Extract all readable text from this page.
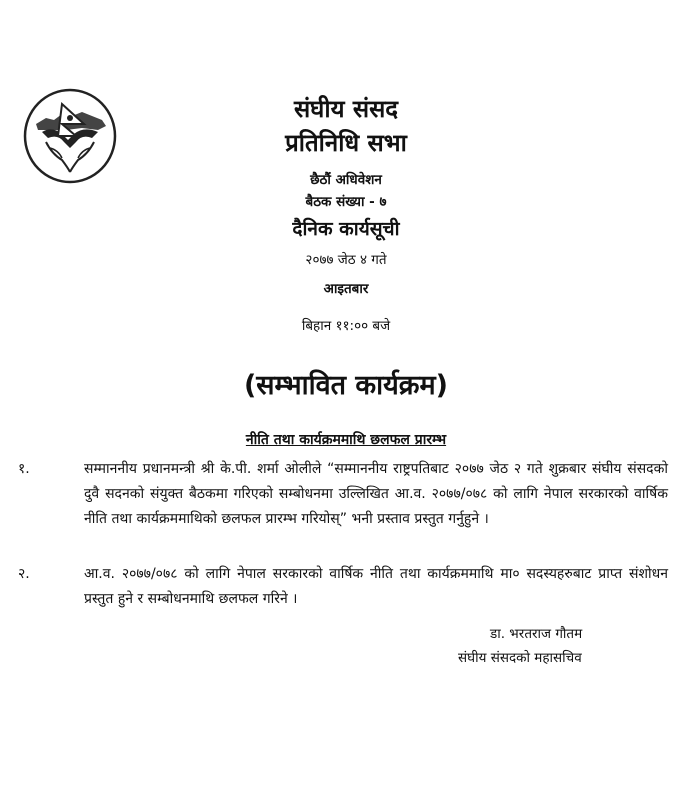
संघीय संसद
प्रतिनिधि सभा
छैठौं अधिवेशन
बैठक संख्या - ७
दैनिक कार्यसूची
२०७७ जेठ ४ गते
आइतबार
बिहान ११:०० बजे
(सम्भावित कार्यक्रम)
नीति तथा कार्यक्रममाथि छलफल प्रारम्भ
१.	सम्माननीय प्रधानमन्त्री श्री के.पी. शर्मा ओलीले “सम्माननीय राष्ट्रपतिबाट २०७७ जेठ २ गते शुक्रबार संघीय संसदको दुवै सदनको संयुक्त बैठकमा गरिएको सम्बोधनमा उल्लिखित आ.व. २०७७/०७८ को लागि नेपाल सरकारको वार्षिक नीति तथा कार्यक्रममाथिको छलफल प्रारम्भ गरियोस्” भनी प्रस्ताव प्रस्तुत गर्नुहुने ।
२.	आ.व. २०७७/०७८ को लागि नेपाल सरकारको वार्षिक नीति तथा कार्यक्रममाथि मा० सदस्यहरुबाट प्राप्त संशोधन प्रस्तुत हुने र सम्बोधनमाथि छलफल गरिने ।
डा. भरतराज गौतम
संघीय संसदको महासचिव
